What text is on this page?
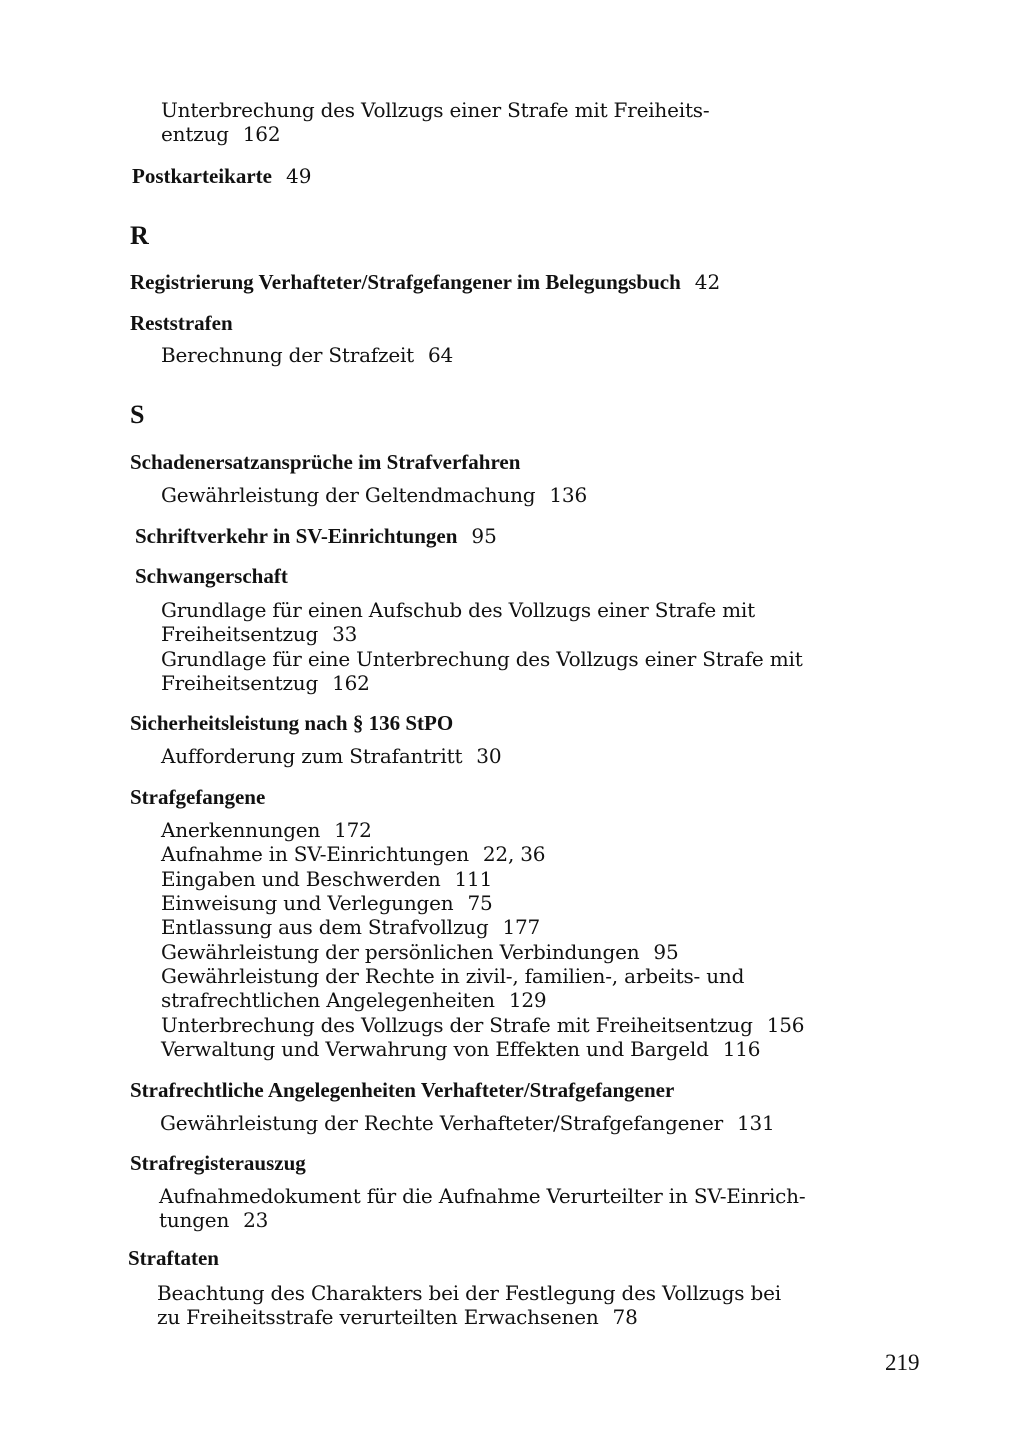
Unterbrechung des Vollzugs einer Strafe mit Freiheits-
entzug 162
Postkarteikarte 49
R
Registrierung Verhafteter/Strafgefangener im Belegungsbuch 42
Reststrafen
Berechnung der Strafzeit 64
S
Schadenersatzansprüche im Strafverfahren
Gewährleistung der Geltendmachung 136
Schriftverkehr in SV-Einrichtungen 95
Schwangerschaft
Grundlage für einen Aufschub des Vollzugs einer Strafe mit
Freiheitsentzug 33
Grundlage für eine Unterbrechung des Vollzugs einer Strafe mit
Freiheitsentzug 162
Sicherheitsleistung nach § 136 StPO
Aufforderung zum Strafantritt 30
Strafgefangene
Anerkennungen 172
Aufnahme in SV-Einrichtungen 22, 36
Eingaben und Beschwerden 111
Einweisung und Verlegungen 75
Entlassung aus dem Strafvollzug 177
Gewährleistung der persönlichen Verbindungen 95
Gewährleistung der Rechte in zivil-, familien-, arbeits- und
strafrechtlichen Angelegenheiten 129
Unterbrechung des Vollzugs der Strafe mit Freiheitsentzug 156
Verwaltung und Verwahrung von Effekten und Bargeld 116
Strafrechtliche Angelegenheiten Verhafteter/Strafgefangener
Gewährleistung der Rechte Verhafteter/Strafgefangener 131
Strafregisterauszug
Aufnahmedokument für die Aufnahme Verurteilter in SV-Einrich-
tungen 23
Straftaten
Beachtung des Charakters bei der Festlegung des Vollzugs bei
zu Freiheitsstrafe verurteilten Erwachsenen 78
219
